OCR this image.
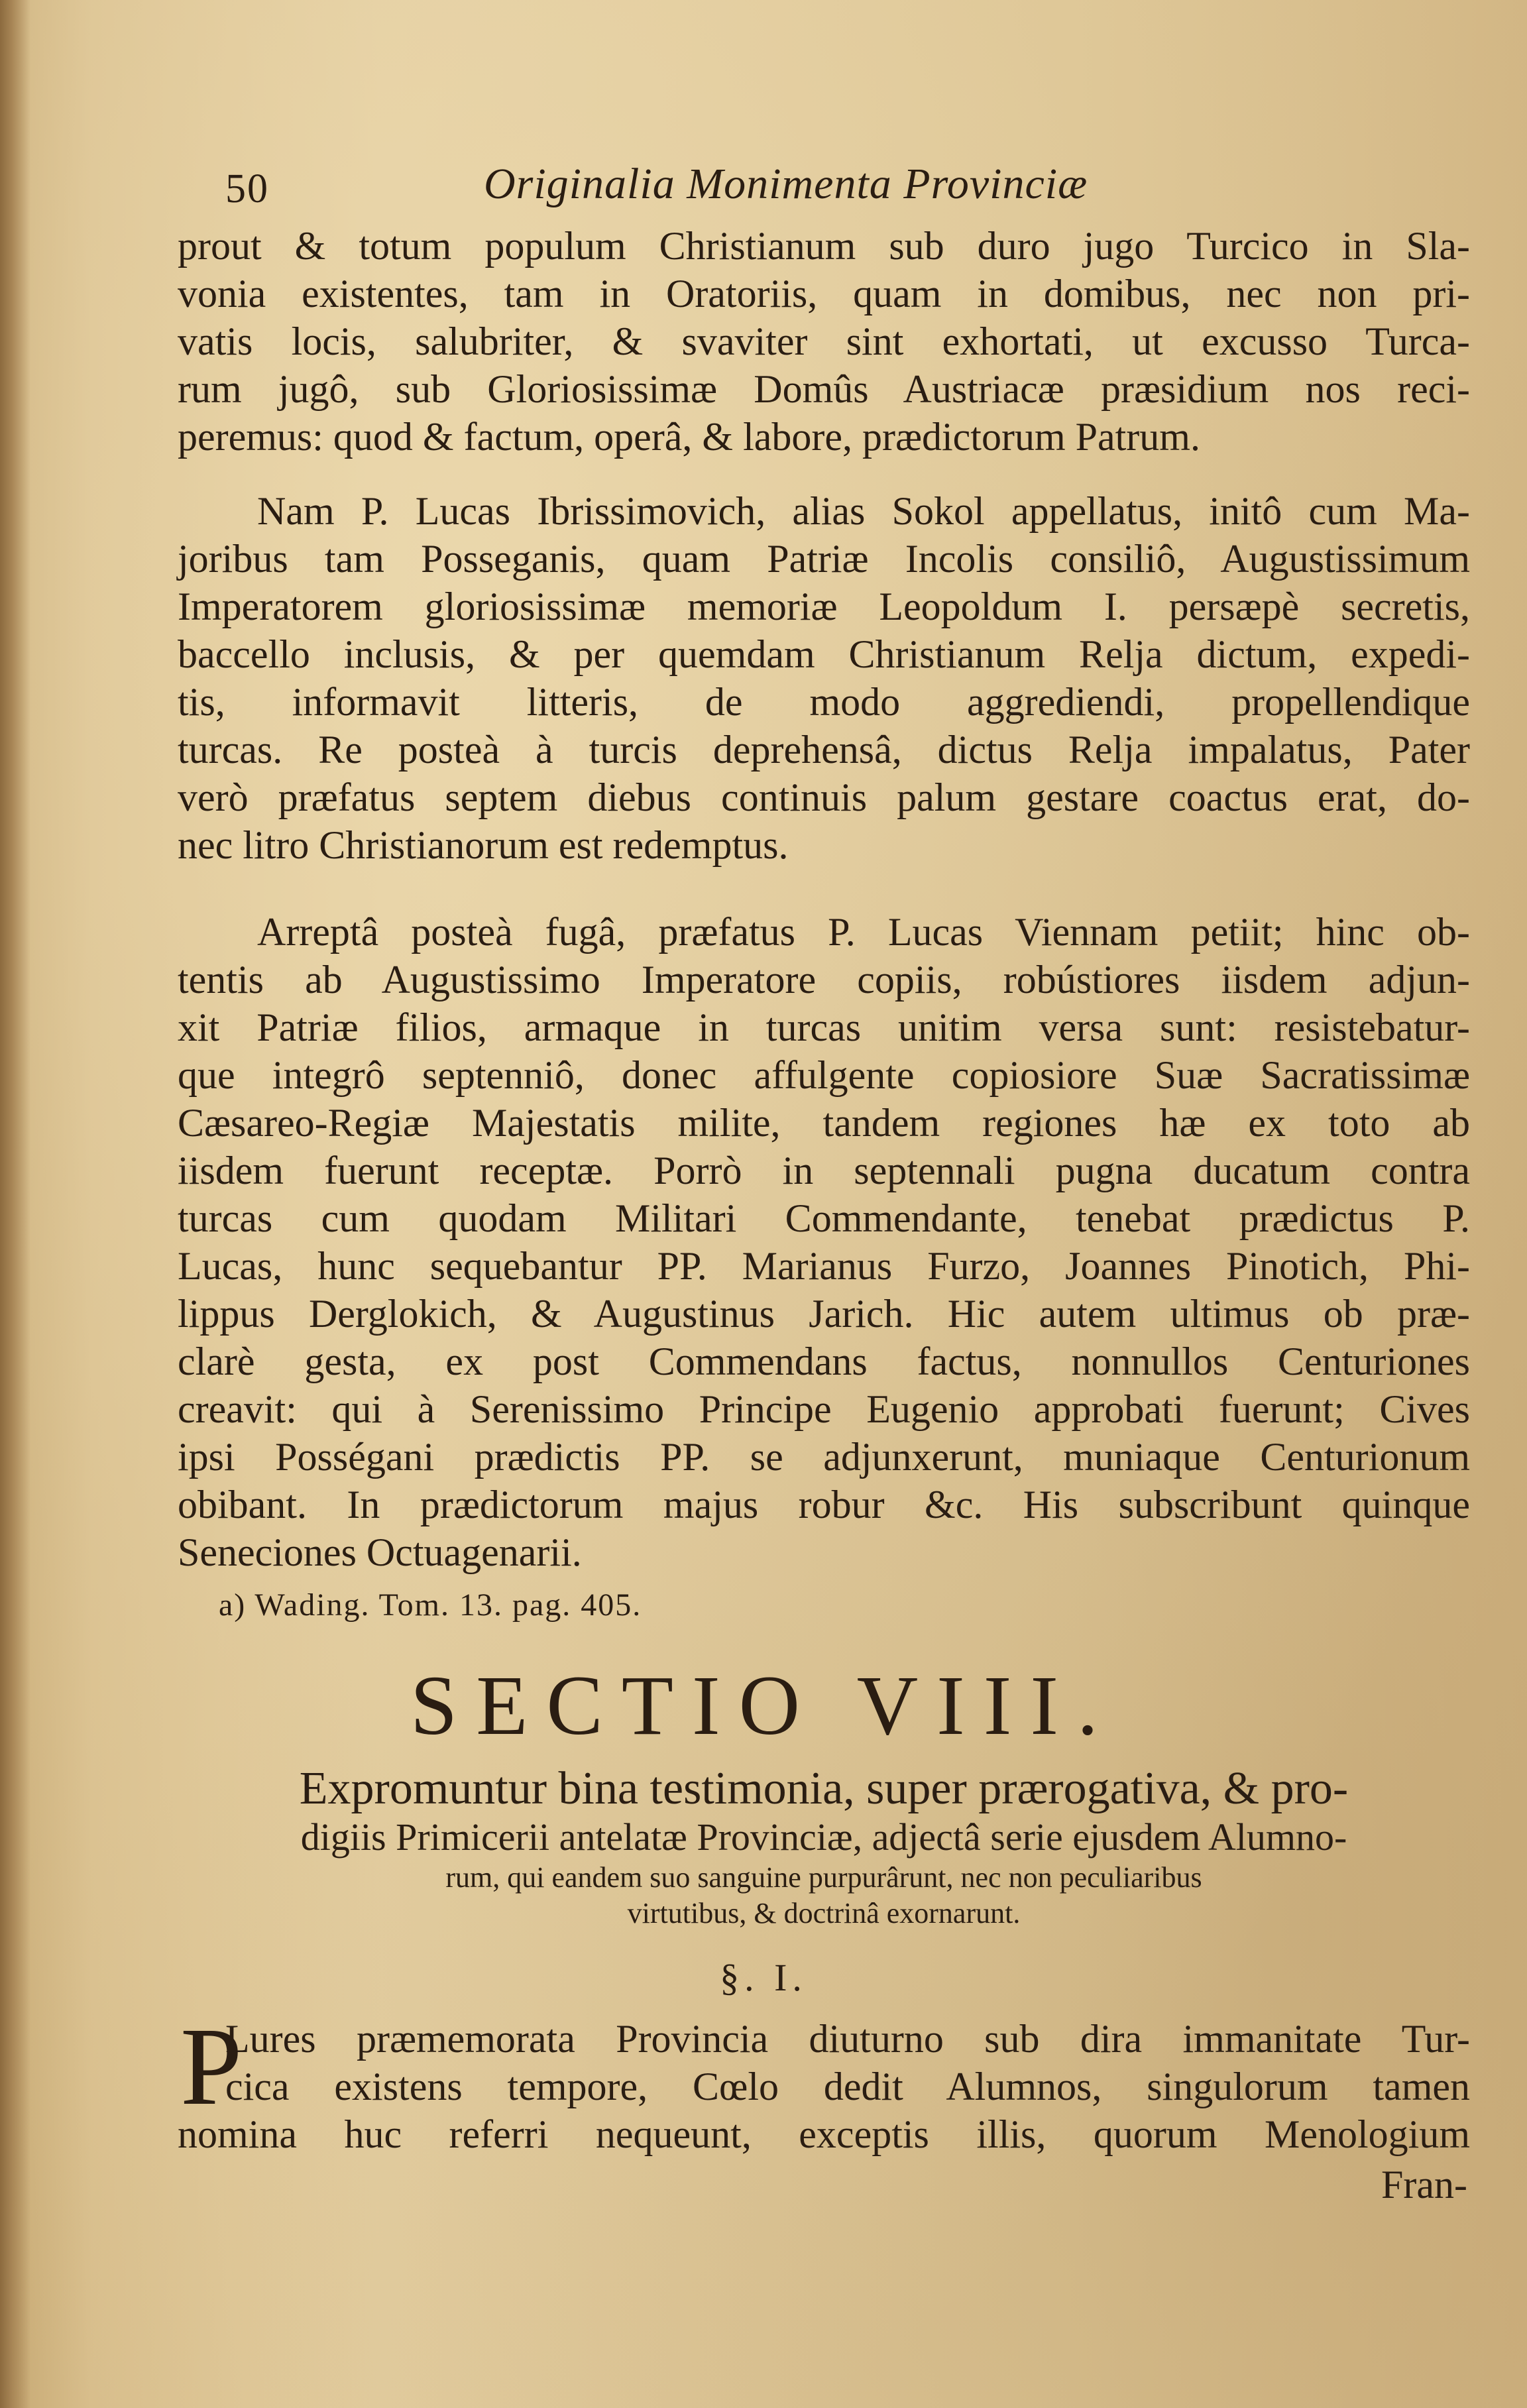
50	Originalia Monimenta Provinciæ
prout & totum populum Christianum sub duro jugo Turcico in Sla-
vonia existentes, tam in Oratoriis, quam in domibus, nec non pri-
vatis locis, salubriter, & svaviter sint exhortati, ut excusso Turca-
rum jugô, sub Gloriosissimæ Domûs Austriacæ præsidium nos reci-
peremus: quod & factum, operâ, & labore, prædictorum Patrum.
Nam P. Lucas Ibrissimovich, alias Sokol appellatus, initô cum Ma-
joribus tam Posseganis, quam Patriæ Incolis consiliô, Augustissimum
Imperatorem gloriosissimæ memoriæ Leopoldum I. persæpè secretis,
baccello inclusis, & per quemdam Christianum Relja dictum, expedi-
tis, informavit litteris, de modo aggrediendi, propellendique
turcas. Re posteà à turcis deprehensâ, dictus Relja impalatus, Pater
verò præfatus septem diebus continuis palum gestare coactus erat, do-
nec litro Christianorum est redemptus.
Arreptâ posteà fugâ, præfatus P. Lucas Viennam petiit; hinc ob-
tentis ab Augustissimo Imperatore copiis, robústiores iisdem adjun-
xit Patriæ filios, armaque in turcas unitim versa sunt: resistebatur-
que integrô septenniô, donec affulgente copiosiore Suæ Sacratissimæ
Cæsareo-Regiæ Majestatis milite, tandem regiones hæ ex toto ab
iisdem fuerunt receptæ. Porrò in septennali pugna ducatum contra
turcas cum quodam Militari Commendante, tenebat prædictus P.
Lucas, hunc sequebantur PP. Marianus Furzo, Joannes Pinotich, Phi-
lippus Derglokich, & Augustinus Jarich. Hic autem ultimus ob præ-
clarè gesta, ex post Commendans factus, nonnullos Centuriones
creavit: qui à Serenissimo Principe Eugenio approbati fuerunt; Cives
ipsi Posségani prædictis PP. se adjunxerunt, muniaque Centurionum
obibant. In prædictorum majus robur &c. His subscribunt quinque
Seneciones Octuagenarii.
a) Wading. Tom. 13. pag. 405.
SECTIO VIII.
Expromuntur bina testimonia, super prærogativa, & pro-
digiis Primicerii antelatæ Provinciæ, adjectâ serie ejusdem Alumno-
rum, qui eandem suo sanguine purpurârunt, nec non peculiaribus
virtutibus, & doctrinâ exornarunt.
§. I.
P
Lures præmemorata Provincia diuturno sub dira immanitate Tur-
cica existens tempore, Cœlo dedit Alumnos, singulorum tamen
nomina huc referri nequeunt, exceptis illis, quorum Menologium
Fran-
